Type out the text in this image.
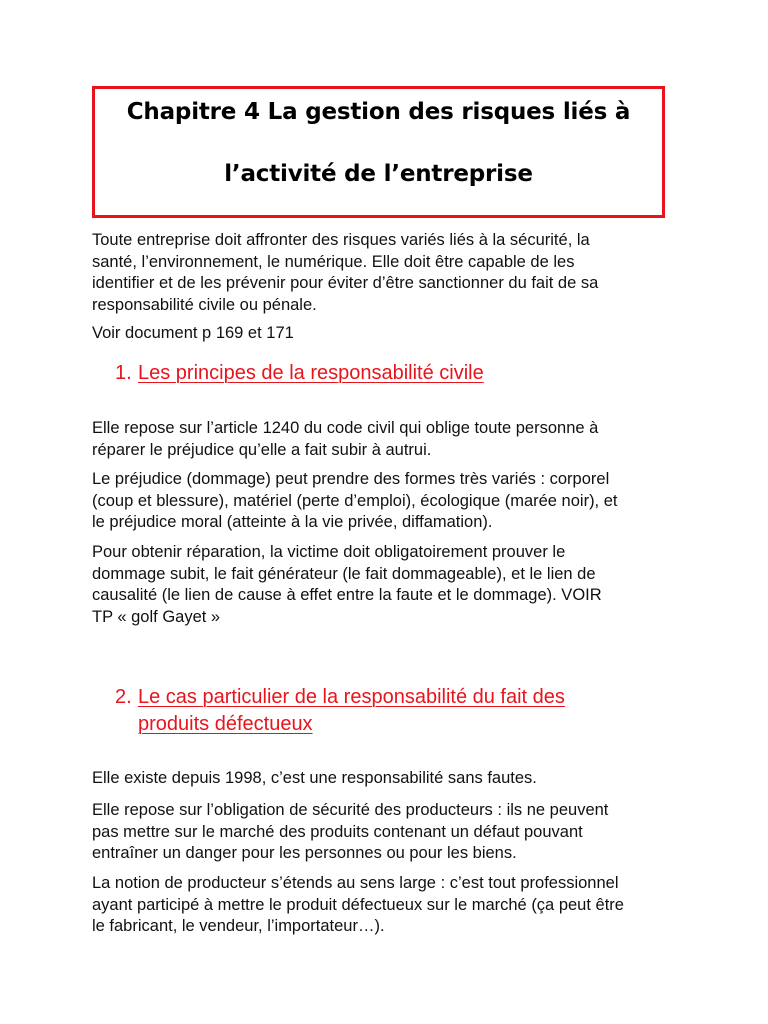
Chapitre 4 La gestion des risques liés à
l’activité de l’entreprise
Toute entreprise doit affronter des risques variés liés à la sécurité, la
santé, l’environnement, le numérique. Elle doit être capable de les
identifier et de les prévenir pour éviter d’être sanctionner du fait de sa
responsabilité civile ou pénale.
Voir document p 169 et 171
1. Les principes de la responsabilité civile
Elle repose sur l’article 1240 du code civil qui oblige toute personne à
réparer le préjudice qu’elle a fait subir à autrui.
Le préjudice (dommage) peut prendre des formes très variés : corporel
(coup et blessure), matériel (perte d’emploi), écologique (marée noir), et
le préjudice moral (atteinte à la vie privée, diffamation).
Pour obtenir réparation, la victime doit obligatoirement prouver le
dommage subit, le fait générateur (le fait dommageable), et le lien de
causalité (le lien de cause à effet entre la faute et le dommage). VOIR
TP « golf Gayet »
2. Le cas particulier de la responsabilité du fait des
produits défectueux
Elle existe depuis 1998, c’est une responsabilité sans fautes.
Elle repose sur l’obligation de sécurité des producteurs : ils ne peuvent
pas mettre sur le marché des produits contenant un défaut pouvant
entraîner un danger pour les personnes ou pour les biens.
La notion de producteur s’étends au sens large : c’est tout professionnel
ayant participé à mettre le produit défectueux sur le marché (ça peut être
le fabricant, le vendeur, l’importateur…).
